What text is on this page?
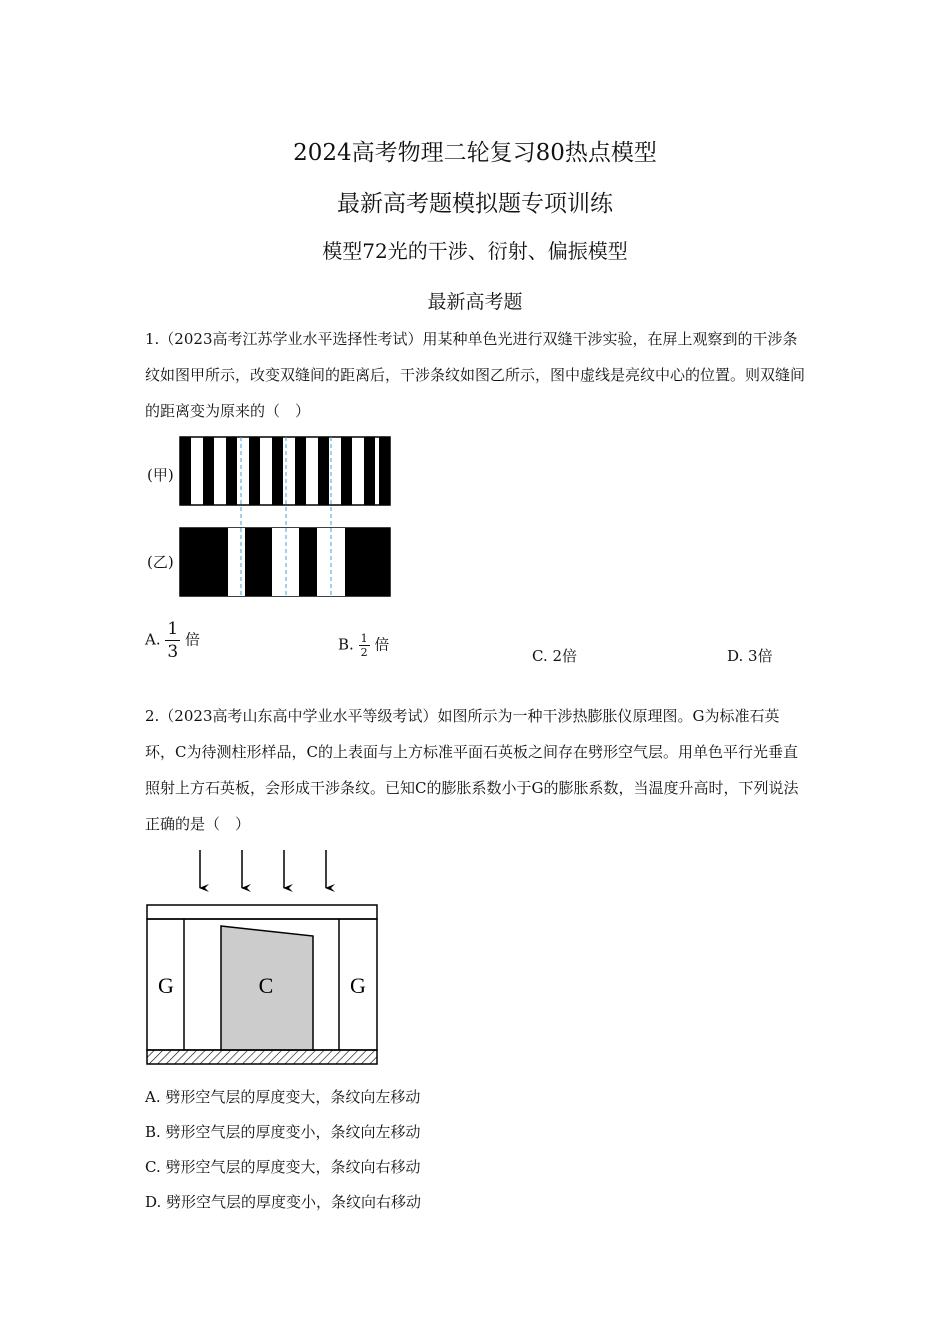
2024高考物理二轮复习80热点模型
最新高考题模拟题专项训练
模型72光的干涉、衍射、偏振模型
最新高考题
1.（2023高考江苏学业水平选择性考试）用某种单色光进行双缝干涉实验，在屏上观察到的干涉条纹如图甲所示，改变双缝间的距离后，干涉条纹如图乙所示，图中虚线是亮纹中心的位置。则双缝间的距离变为原来的（　）
(甲)
(乙)
A. $\frac{1}{3}$ 倍	B. $\frac{1}{2}$ 倍
C. 2倍	D. 3倍
2.（2023高考山东高中学业水平等级考试）如图所示为一种干涉热膨胀仪原理图。G为标准石英环，C为待测柱形样品，C的上表面与上方标准平面石英板之间存在劈形空气层。用单色平行光垂直照射上方石英板，会形成干涉条纹。已知C的膨胀系数小于G的膨胀系数，当温度升高时，下列说法正确的是（　）
G	C	G
A. 劈形空气层的厚度变大，条纹向左移动
B. 劈形空气层的厚度变小，条纹向左移动
C. 劈形空气层的厚度变大，条纹向右移动
D. 劈形空气层的厚度变小，条纹向右移动
